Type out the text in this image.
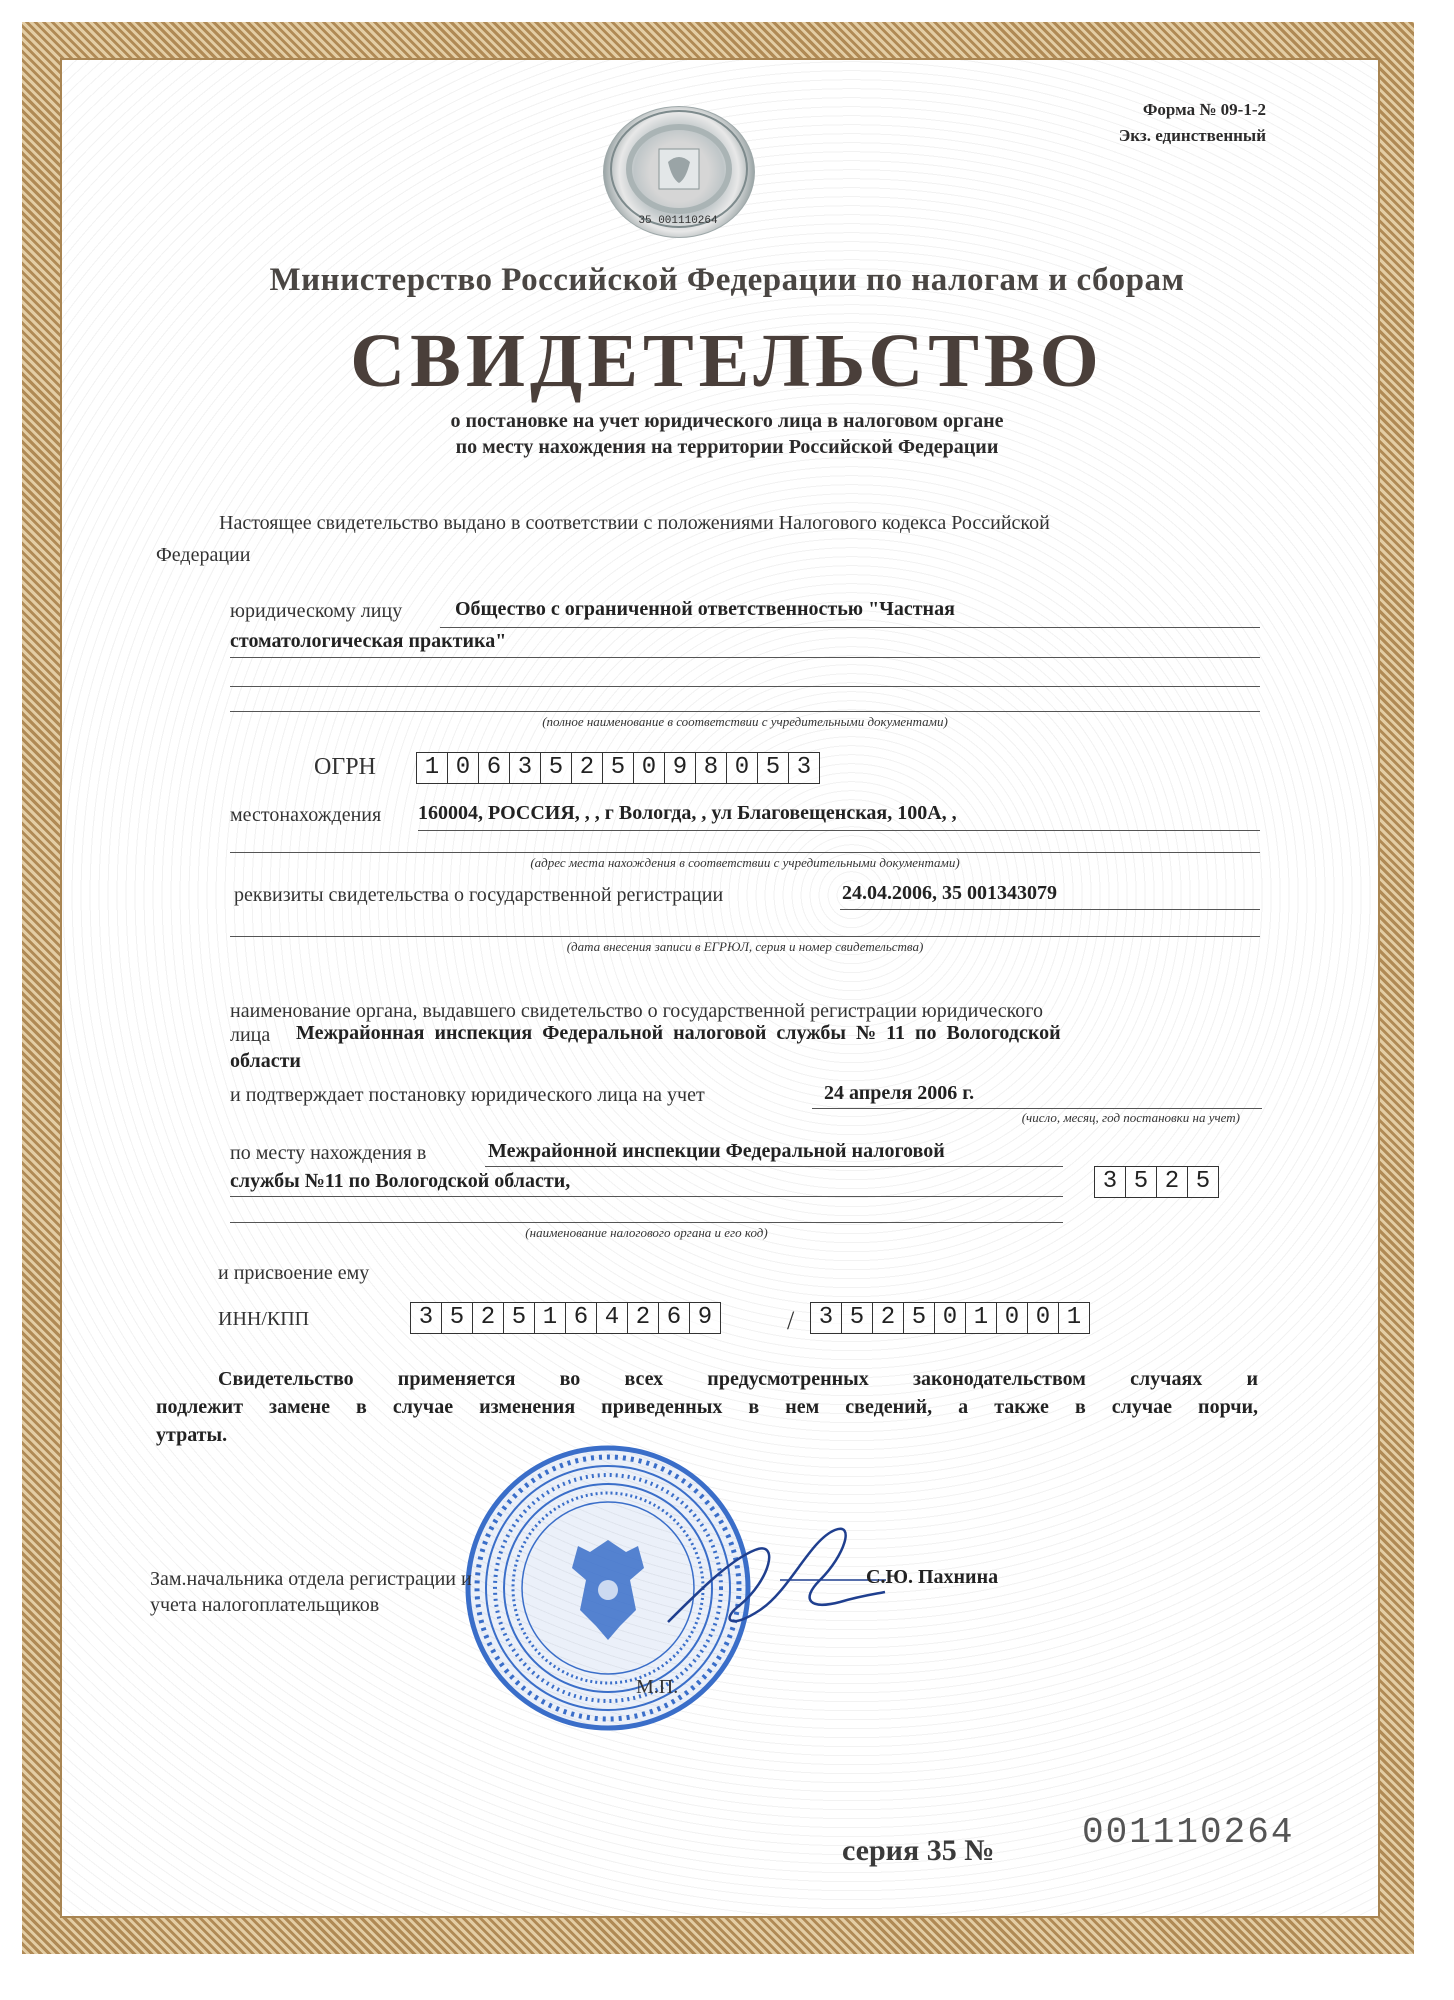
35 001110264
Форма № 09-1-2
Экз. единственный
Министерство Российской Федерации по налогам и сборам
СВИДЕТЕЛЬСТВО
о постановке на учет юридического лица в налоговом органе
по месту нахождения на территории Российской Федерации
Настоящее свидетельство выдано в соответствии с положениями Налогового кодекса Российской
Федерации
юридическому лицу	Общество с ограниченной ответственностью "Частная
стоматологическая практика"
(полное наименование в соответствии с учредительными документами)
ОГРН	1 0 6 3 5 2 5 0 9 8 0 5 3
местонахождения 160004, РОССИЯ, , , г Вологда, , ул Благовещенская, 100А, ,
(адрес места нахождения в соответствии с учредительными документами)
реквизиты свидетельства о государственной регистрации	24.04.2006, 35 001343079
(дата внесения записи в ЕГРЮЛ, серия и номер свидетельства)
наименование органа, выдавшего свидетельство о государственной регистрации юридического
лица Межрайонная инспекция Федеральной налоговой службы № 11 по Вологодской
области
и подтверждает постановку юридического лица на учет	24 апреля 2006 г.
(число, месяц, год постановки на учет)
по месту нахождения в	Межрайонной инспекции Федеральной налоговой
службы №11 по Вологодской области,	3 5 2 5
(наименование налогового органа и его код)
и присвоение ему
ИНН/КПП	3 5 2 5 1 6 4 2 6 9	/	3 5 2 5 0 1 0 0 1
Свидетельство применяется во всех предусмотренных законодательством случаях и
подлежит замене в случае изменения приведенных в нем сведений, а также в случае порчи,
утраты.
Зам.начальника отдела регистрации и
учета налогоплательщиков
С.Ю. Пахнина
М.П.
серия 35 № 001110264
